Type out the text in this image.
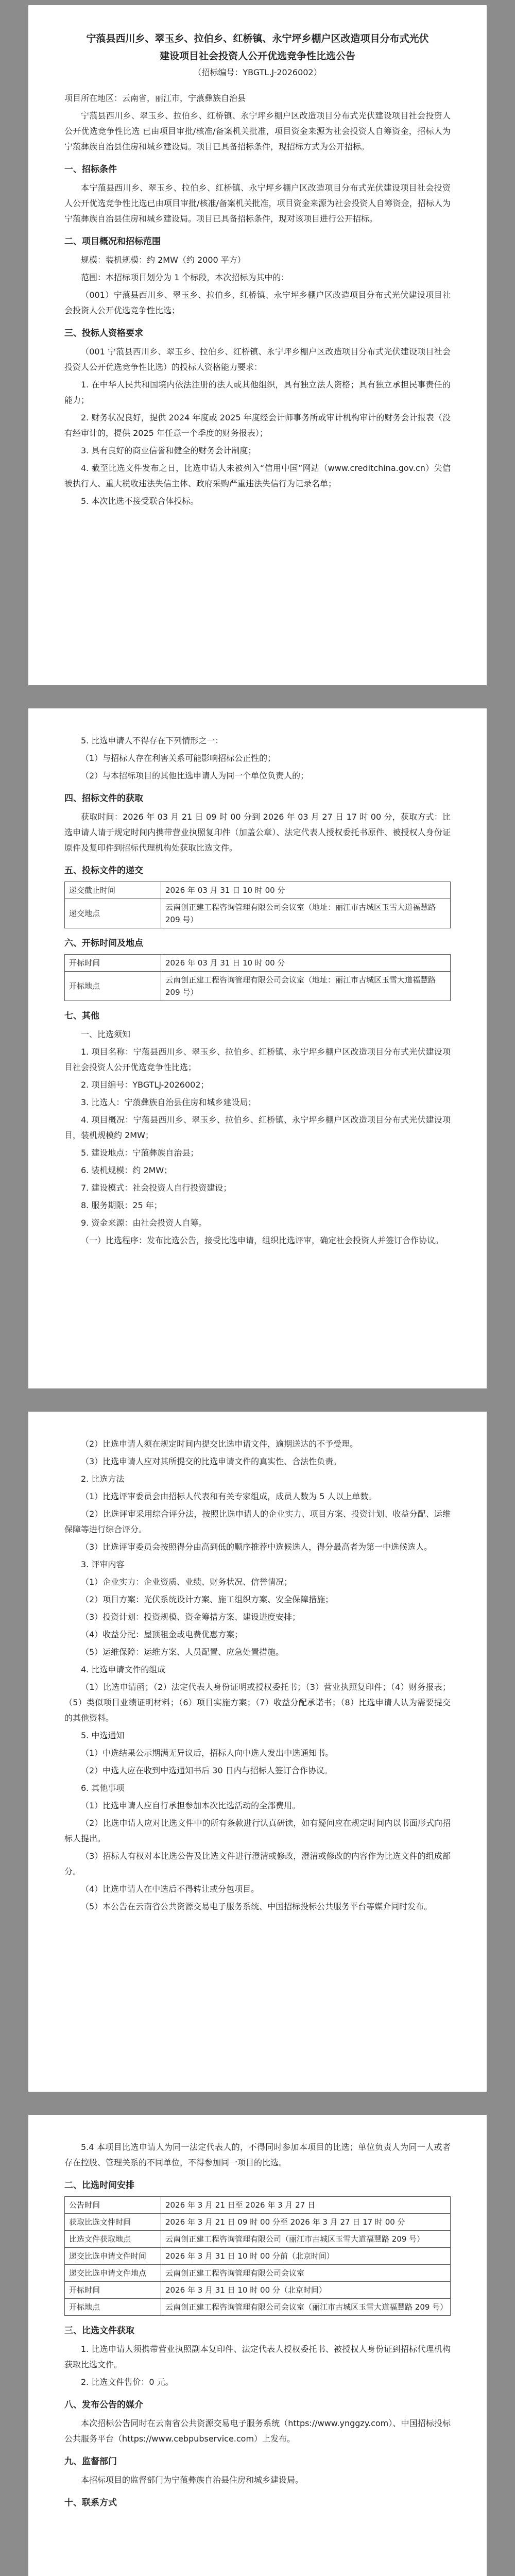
宁蒗县西川乡、翠玉乡、拉伯乡、红桥镇、永宁坪乡棚户区改造项目分布式光伏
建设项目社会投资人公开优选竞争性比选公告
（招标编号：YBGTL.J-2026002）

项目所在地区：云南省，丽江市，宁蒗彝族自治县

宁蒗县西川乡、翠玉乡、拉伯乡、红桥镇、永宁坪乡棚户区改造项目分布式光伏建设项目社会投资人公开优选竞争性比选 已由项目审批/核准/备案机关批准，项目资金来源为社会投资人自筹资金，招标人为宁蒗彝族自治县住房和城乡建设局。项目已具备招标条件，现招标方式为公开招标。

一、招标条件

本宁蒗县西川乡、翠玉乡、拉伯乡、红桥镇、永宁坪乡棚户区改造项目分布式光伏建设项目社会投资人公开优选竞争性比选已由项目审批/核准/备案机关批准，项目资金来源为社会投资人自筹资金，招标人为宁蒗彝族自治县住房和城乡建设局。项目已具备招标条件，现对该项目进行公开招标。

二、项目概况和招标范围

规模：装机规模：约 2MW（约 2000 平方）

范围：本招标项目划分为 1 个标段，本次招标为其中的：

（001）宁蒗县西川乡、翠玉乡、拉伯乡、红桥镇、永宁坪乡棚户区改造项目分布式光伏建设项目社会投资人公开优选竞争性比选；

三、投标人资格要求

（001 宁蒗县西川乡、翠玉乡、拉伯乡、红桥镇、永宁坪乡棚户区改造项目分布式光伏建设项目社会投资人公开优选竞争性比选）的投标人资格能力要求：

1. 在中华人民共和国境内依法注册的法人或其他组织，具有独立法人资格；具有独立承担民事责任的能力；

2. 财务状况良好，提供 2024 年度或 2025 年度经会计师事务所或审计机构审计的财务会计报表（没有经审计的，提供 2025 年任意一个季度的财务报表）；

3. 具有良好的商业信誉和健全的财务会计制度；

4. 截至比选文件发布之日，比选申请人未被列入“信用中国”网站（www.creditchina.gov.cn）失信被执行人、重大税收违法失信主体、政府采购严重违法失信行为记录名单；

5. 本次比选不接受联合体投标。

5. 比选申请人不得存在下列情形之一：

（1）与招标人存在利害关系可能影响招标公正性的；

（2）与本招标项目的其他比选申请人为同一个单位负责人的；

四、招标文件的获取

获取时间：2026 年 03 月 21 日 09 时 00 分到 2026 年 03 月 27 日 17 时 00 分，获取方式：比选申请人请于规定时间内携带营业执照复印件（加盖公章）、法定代表人授权委托书原件、被授权人身份证原件及复印件到招标代理机构处获取比选文件。

五、投标文件的递交
递交截止时间	2026 年 03 月 31 日 10 时 00 分
递交地点	云南创正建工程咨询管理有限公司会议室（地址：丽江市古城区玉雪大道福慧路 209 号）
六、开标时间及地点
开标时间	2026 年 03 月 31 日 10 时 00 分
开标地点	云南创正建工程咨询管理有限公司会议室（地址：丽江市古城区玉雪大道福慧路 209 号）
七、其他

一、比选须知

1. 项目名称：宁蒗县西川乡、翠玉乡、拉伯乡、红桥镇、永宁坪乡棚户区改造项目分布式光伏建设项目社会投资人公开优选竞争性比选；

2. 项目编号：YBGTLJ-2026002；

3. 比选人：宁蒗彝族自治县住房和城乡建设局；

4. 项目概况：宁蒗县西川乡、翠玉乡、拉伯乡、红桥镇、永宁坪乡棚户区改造项目分布式光伏建设项目，装机规模约 2MW；

5. 建设地点：宁蒗彝族自治县；

6. 装机规模：约 2MW；

7. 建设模式：社会投资人自行投资建设；

8. 服务期限：25 年；

9. 资金来源：由社会投资人自筹。

（一）比选程序：发布比选公告，接受比选申请，组织比选评审，确定社会投资人并签订合作协议。

（2）比选申请人须在规定时间内提交比选申请文件，逾期送达的不予受理。

（3）比选申请人应对其所提交的比选申请文件的真实性、合法性负责。

2. 比选方法

（1）比选评审委员会由招标人代表和有关专家组成，成员人数为 5 人以上单数。

（2）比选评审采用综合评分法，按照比选申请人的企业实力、项目方案、投资计划、收益分配、运维保障等进行综合评分。

（3）比选评审委员会按照得分由高到低的顺序推荐中选候选人，得分最高者为第一中选候选人。

3. 评审内容

（1）企业实力：企业资质、业绩、财务状况、信誉情况；

（2）项目方案：光伏系统设计方案、施工组织方案、安全保障措施；

（3）投资计划：投资规模、资金筹措方案、建设进度安排；

（4）收益分配：屋顶租金或电费优惠方案；

（5）运维保障：运维方案、人员配置、应急处置措施。

4. 比选申请文件的组成

（1）比选申请函；（2）法定代表人身份证明或授权委托书；（3）营业执照复印件；（4）财务报表；（5）类似项目业绩证明材料；（6）项目实施方案；（7）收益分配承诺书；（8）比选申请人认为需要提交的其他资料。

5. 中选通知

（1）中选结果公示期满无异议后，招标人向中选人发出中选通知书。

（2）中选人应在收到中选通知书后 30 日内与招标人签订合作协议。

6. 其他事项

（1）比选申请人应自行承担参加本次比选活动的全部费用。

（2）比选申请人应对比选文件中的所有条款进行认真研读，如有疑问应在规定时间内以书面形式向招标人提出。

（3）招标人有权对本比选公告及比选文件进行澄清或修改，澄清或修改的内容作为比选文件的组成部分。

（4）比选申请人在中选后不得转让或分包项目。

（5）本公告在云南省公共资源交易电子服务系统、中国招标投标公共服务平台等媒介同时发布。

5.4 本项目比选申请人为同一法定代表人的，不得同时参加本项目的比选；单位负责人为同一人或者存在控股、管理关系的不同单位，不得参加同一项目的比选。

二、比选时间安排
公告时间	2026 年 3 月 21 日至 2026 年 3 月 27 日
获取比选文件时间	2026 年 3 月 21 日 09 时 00 分至 2026 年 3 月 27 日 17 时 00 分
比选文件获取地点	云南创正建工程咨询管理有限公司（丽江市古城区玉雪大道福慧路 209 号）
递交比选申请文件时间	2026 年 3 月 31 日 10 时 00 分前（北京时间）
递交比选申请文件地点	云南创正建工程咨询管理有限公司会议室
开标时间	2026 年 3 月 31 日 10 时 00 分（北京时间）
开标地点	云南创正建工程咨询管理有限公司会议室（丽江市古城区玉雪大道福慧路 209 号）
三、比选文件获取

1. 比选申请人须携带营业执照副本复印件、法定代表人授权委托书、被授权人身份证到招标代理机构获取比选文件。

2. 比选文件售价：0 元。

八、发布公告的媒介

本次招标公告同时在云南省公共资源交易电子服务系统（https://www.ynggzy.com）、中国招标投标公共服务平台（https://www.cebpubservice.com）上发布。

九、监督部门

本招标项目的监督部门为宁蒗彝族自治县住房和城乡建设局。

十、联系方式
